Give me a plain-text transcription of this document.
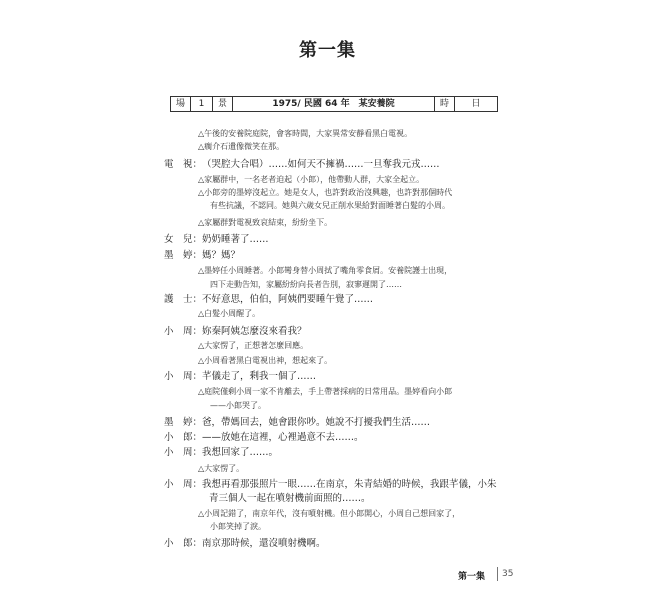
第一集
場	1	景	1975/ 民國 64 年　某安養院	時	日
△午後的安養院庭院，會客時間，大家異常安靜看黑白電視。
△瘸介石遺像微笑在那。
電　視：（哭腔大合唱）……如何天不擁禍……一旦奪我元戎……
△家屬群中，一名老者迫起（小郎），他帶動人群，大家全起立。
△小郎旁的墨婷沒起立。她是女人，也許對政治沒興趣，也許對那個時代
有些抗議，不認同。她與六歲女兒正削水果給對面睡著白髮的小周。
△家屬群對電視致哀結束，紛紛坐下。
女　兒：奶奶睡著了……
墨　婷：媽？媽？
△墨婷任小周睡著。小郎彎身替小周拭了嘴角零食屑。安養院護士出現，
四下走動告知，家屬紛紛向長者告別，寂寥遲開了……
護　士：不好意思，伯伯，阿姨們要睡午覺了……
△白髮小周醒了。
小　周：妳秦阿姨怎麼沒來看我？
△大家愣了，正想著怎麼回應。
△小周看著黑白電視出神，想起來了。
小　周：芊儀走了，剩我一個了……
△庭院僅剩小周一家不肯離去，手上帶著採病的日常用品。墨婷看向小郎
——小郎哭了。
墨　婷：爸，帶媽回去，她會跟你吵。她說不打擾我們生活……
小　郎：——放她在這裡，心裡過意不去……。
小　周：我想回家了……。
△大家愣了。
小　周：我想再看那張照片一眼……在南京，朱青結婚的時候，我跟芊儀，小朱
青三個人一起在噴射機前面照的……。
△小周記錯了，南京年代，沒有噴射機。但小郎開心，小周自己想回家了，
小郎笑掉了淚。
小　郎：南京那時候，還沒噴射機啊。
第一集 35
